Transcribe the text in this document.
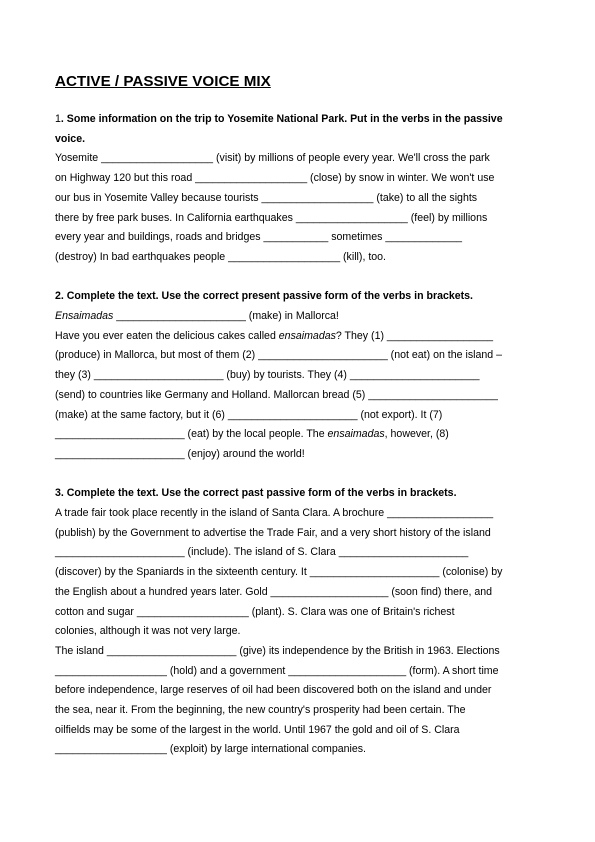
ACTIVE / PASSIVE VOICE MIX
1. Some information on the trip to Yosemite National Park. Put in the verbs in the passive
voice.
Yosemite ___________________ (visit) by millions of people every year. We'll cross the park
on Highway 120 but this road ___________________ (close) by snow in winter. We won't use
our bus in Yosemite Valley because tourists ___________________ (take) to all the sights
there by free park buses. In California earthquakes ___________________ (feel) by millions
every year and buildings, roads and bridges ___________ sometimes _____________
(destroy) In bad earthquakes people ___________________ (kill), too.
2. Complete the text. Use the correct present passive form of the verbs in brackets.
Ensaimadas ______________________ (make) in Mallorca!
Have you ever eaten the delicious cakes called ensaimadas? They (1) __________________
(produce) in Mallorca, but most of them (2) ______________________ (not eat) on the island –
they (3) ______________________ (buy) by tourists. They (4) ______________________
(send) to countries like Germany and Holland. Mallorcan bread (5) ______________________
(make) at the same factory, but it (6) ______________________ (not export). It (7)
______________________ (eat) by the local people. The ensaimadas, however, (8)
______________________ (enjoy) around the world!
3. Complete the text. Use the correct past passive form of the verbs in brackets.
A trade fair took place recently in the island of Santa Clara. A brochure __________________
(publish) by the Government to advertise the Trade Fair, and a very short history of the island
______________________ (include). The island of S. Clara ______________________
(discover) by the Spaniards in the sixteenth century. It ______________________ (colonise) by
the English about a hundred years later. Gold ____________________ (soon find) there, and
cotton and sugar ___________________ (plant). S. Clara was one of Britain's richest
colonies, although it was not very large.
The island ______________________ (give) its independence by the British in 1963. Elections
___________________ (hold) and a government ____________________ (form). A short time
before independence, large reserves of oil had been discovered both on the island and under
the sea, near it. From the beginning, the new country's prosperity had been certain. The
oilfields may be some of the largest in the world. Until 1967 the gold and oil of S. Clara
___________________ (exploit) by large international companies.
